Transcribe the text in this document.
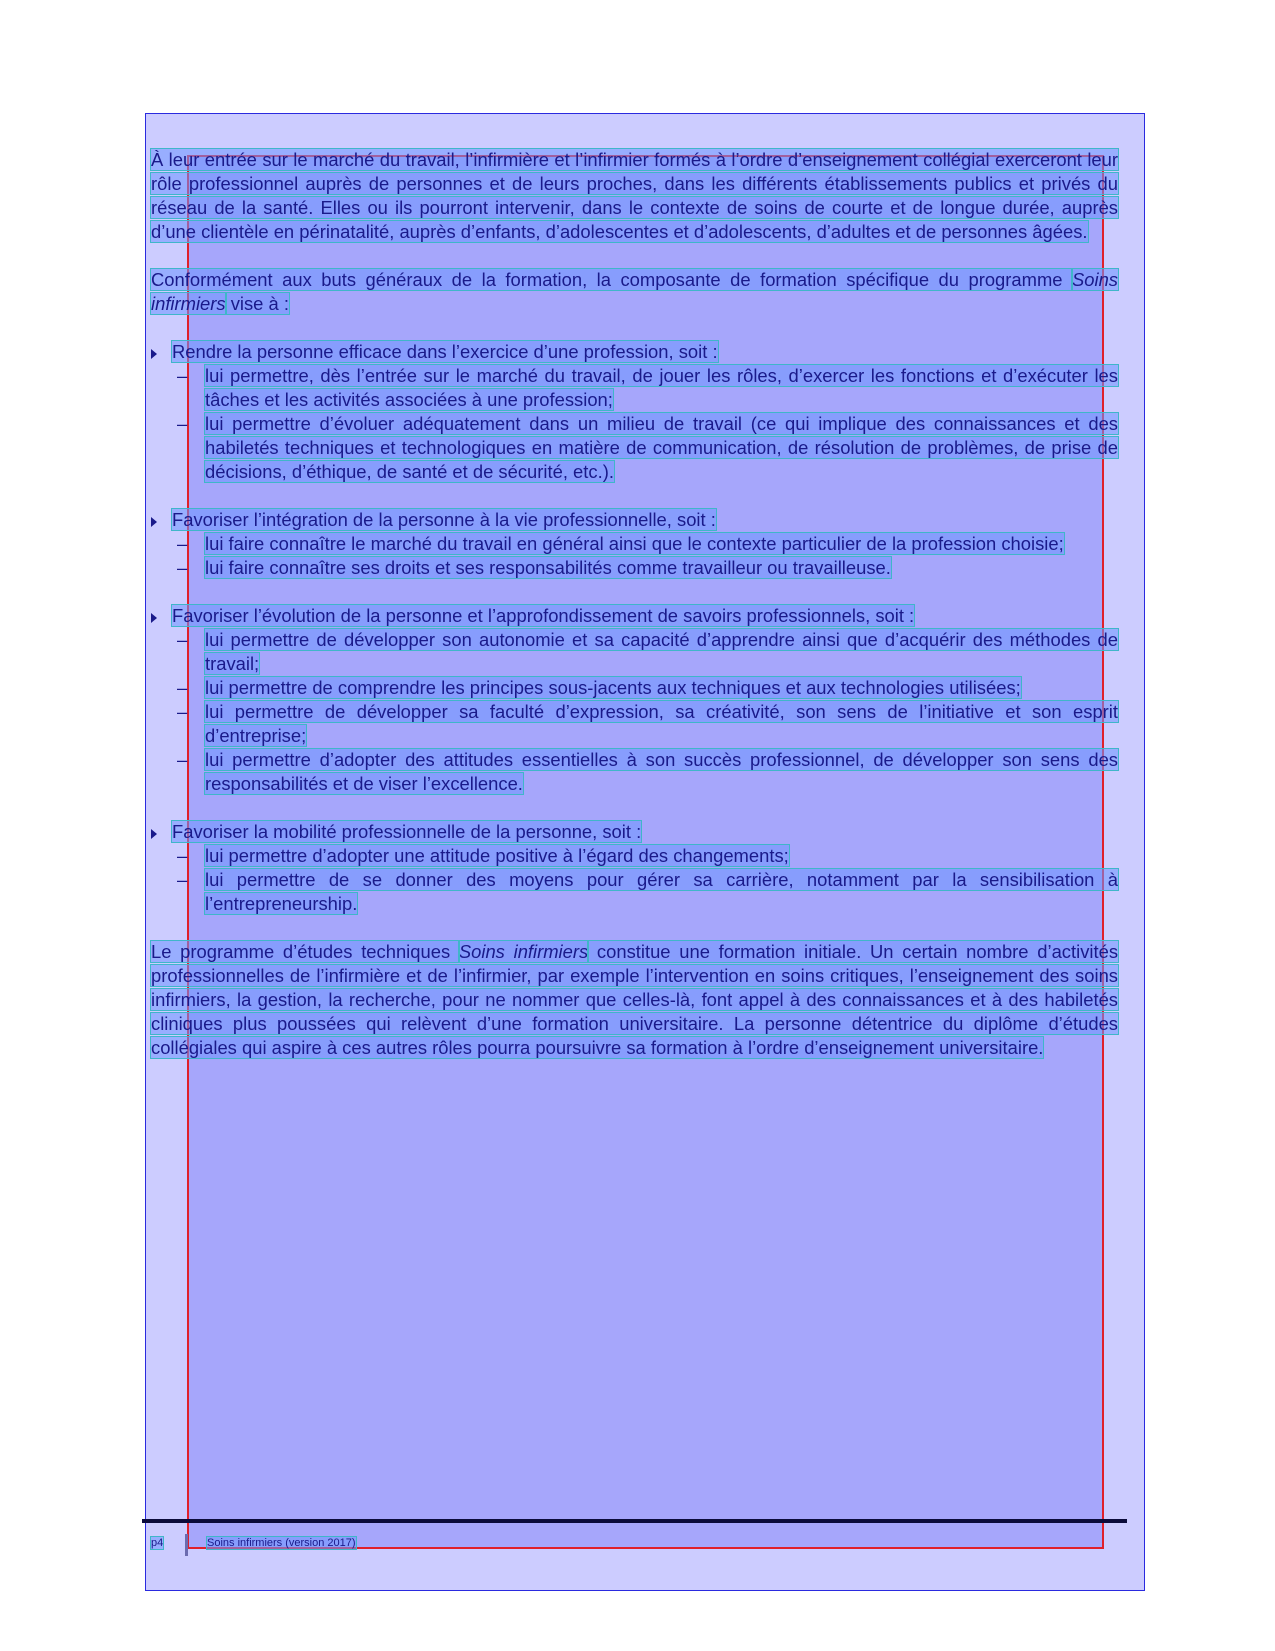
À leur entrée sur le marché du travail, l’infirmière et l’infirmier formés à l’ordre d’enseignement collégial exerceront leur rôle professionnel auprès de personnes et de leurs proches, dans les différents établissements publics et privés du réseau de la santé. Elles ou ils pourront intervenir, dans le contexte de soins de courte et de longue durée, auprès d’une clientèle en périnatalité, auprès d’enfants, d’adolescentes et d’adolescents, d’adultes et de personnes âgées.

Conformément aux buts généraux de la formation, la composante de formation spécifique du programme Soins infirmiers vise à :

Rendre la personne efficace dans l’exercice d’une profession, soit :

– lui permettre, dès l’entrée sur le marché du travail, de jouer les rôles, d’exercer les fonctions et d’exécuter les tâches et les activités associées à une profession;

– lui permettre d’évoluer adéquatement dans un milieu de travail (ce qui implique des connaissances et des habiletés techniques et technologiques en matière de communication, de résolution de problèmes, de prise de décisions, d’éthique, de santé et de sécurité, etc.).

Favoriser l’intégration de la personne à la vie professionnelle, soit :

– lui faire connaître le marché du travail en général ainsi que le contexte particulier de la profession choisie;

– lui faire connaître ses droits et ses responsabilités comme travailleur ou travailleuse.

Favoriser l’évolution de la personne et l’approfondissement de savoirs professionnels, soit :

– lui permettre de développer son autonomie et sa capacité d’apprendre ainsi que d’acquérir des méthodes de travail;

– lui permettre de comprendre les principes sous-jacents aux techniques et aux technologies utilisées;

– lui permettre de développer sa faculté d’expression, sa créativité, son sens de l’initiative et son esprit d’entreprise;

– lui permettre d’adopter des attitudes essentielles à son succès professionnel, de développer son sens des responsabilités et de viser l’excellence.

Favoriser la mobilité professionnelle de la personne, soit :

– lui permettre d’adopter une attitude positive à l’égard des changements;

– lui permettre de se donner des moyens pour gérer sa carrière, notamment par la sensibilisation à l’entrepreneurship.

Le programme d’études techniques Soins infirmiers constitue une formation initiale. Un certain nombre d’activités professionnelles de l’infirmière et de l’infirmier, par exemple l’intervention en soins critiques, l’enseignement des soins infirmiers, la gestion, la recherche, pour ne nommer que celles-là, font appel à des connaissances et à des habiletés cliniques plus poussées qui relèvent d’une formation universitaire. La personne détentrice du diplôme d’études collégiales qui aspire à ces autres rôles pourra poursuivre sa formation à l’ordre d’enseignement universitaire.

p4	Soins infirmiers (version 2017)
